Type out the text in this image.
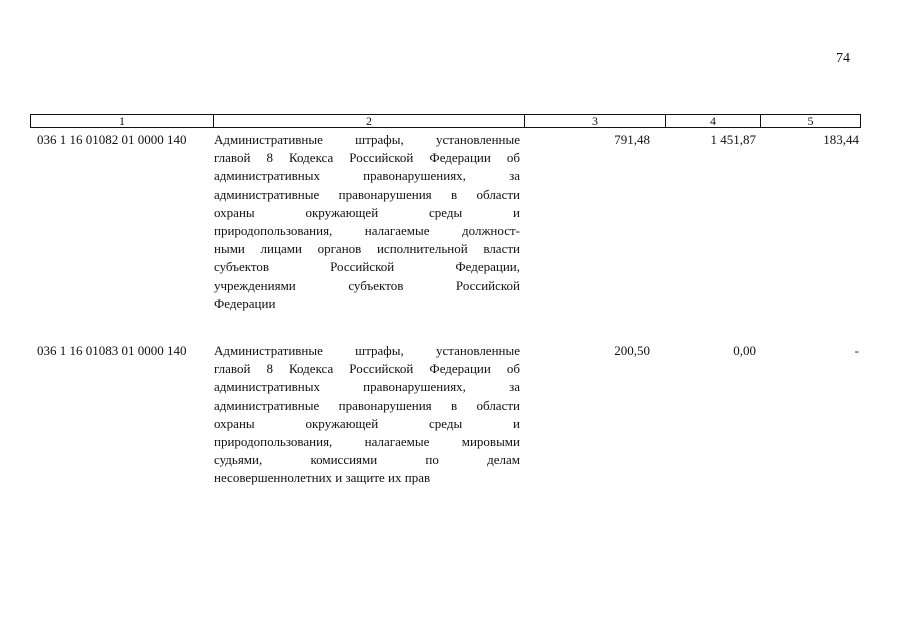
74
1	2	3	4	5
036 1 16 01082 01 0000 140 Административные штрафы, установленные
главой 8 Кодекса Российской Федерации об
административных правонарушениях, за
административные правонарушения в области
охраны окружающей среды и
природопользования, налагаемые должност-
ными лицами органов исполнительной власти
субъектов Российской Федерации,
учреждениями субъектов Российской
Федерации
791,48	1 451,87	183,44
036 1 16 01083 01 0000 140 Административные штрафы, установленные
главой 8 Кодекса Российской Федерации об
административных правонарушениях, за
административные правонарушения в области
охраны окружающей среды и
природопользования, налагаемые мировыми
судьями, комиссиями по делам
несовершеннолетних и защите их прав
200,50	0,00	-
